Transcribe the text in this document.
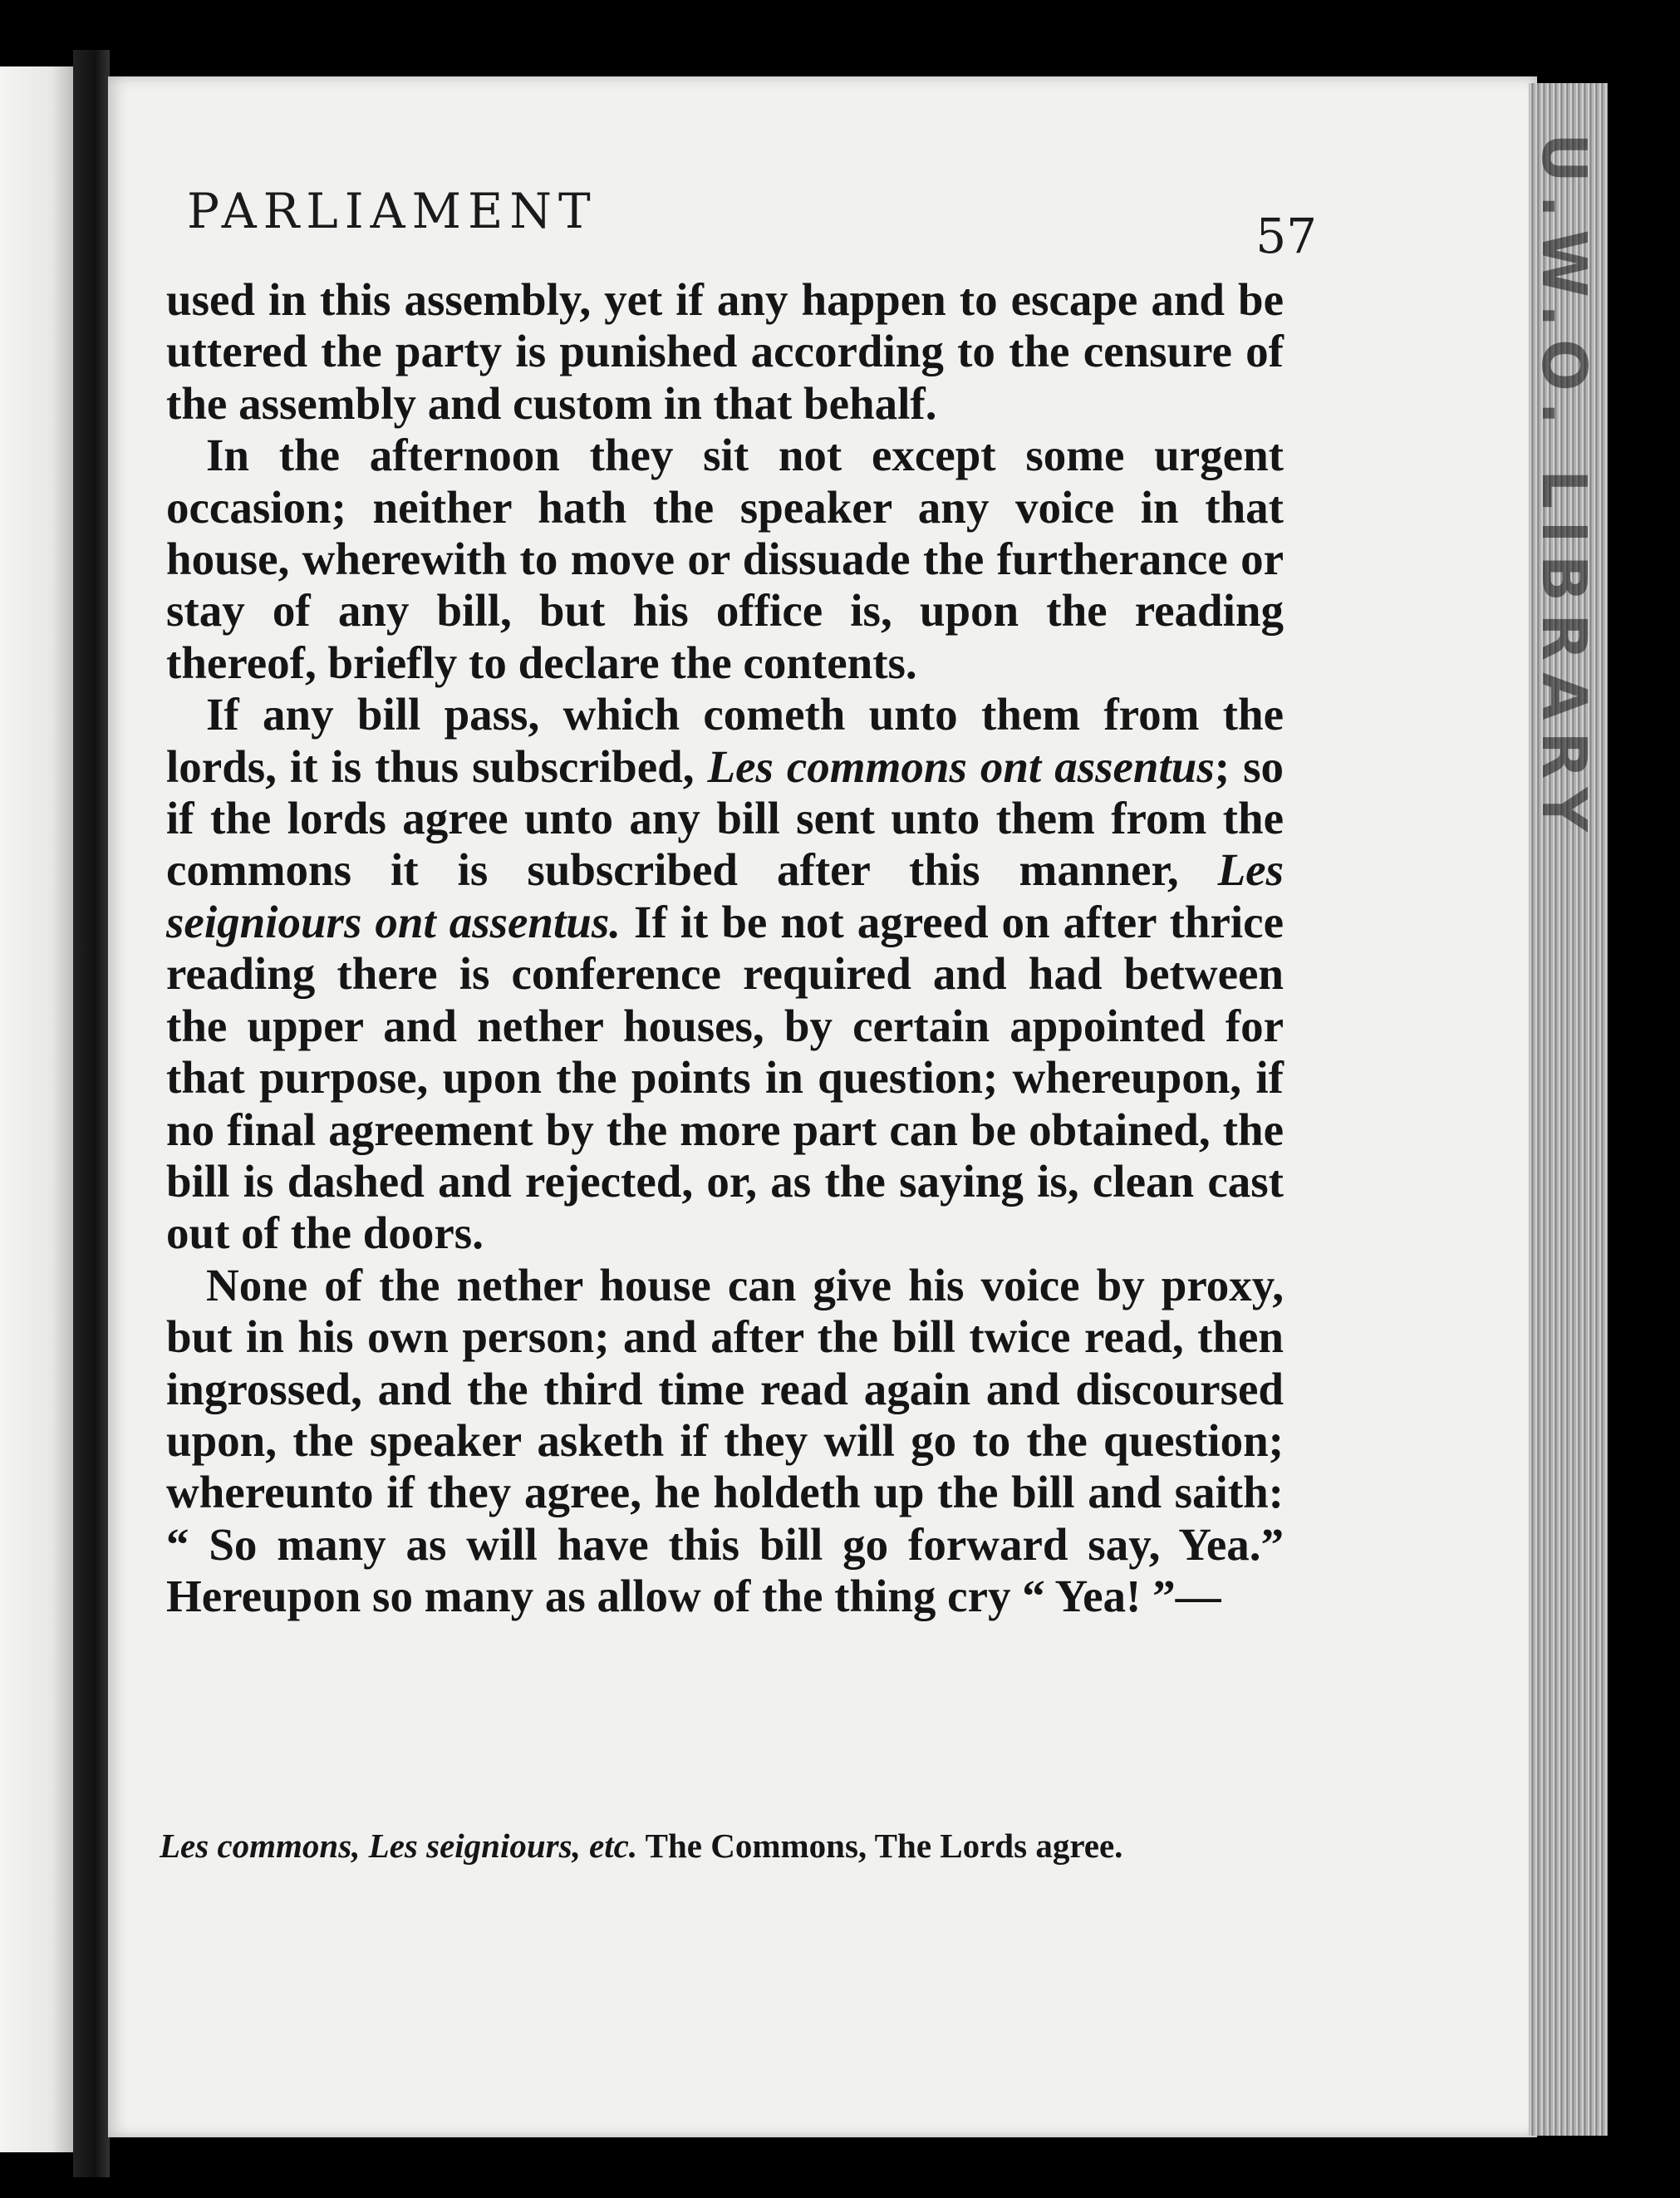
U.W.O. LIBRARY
PARLIAMENT	57

used in this assembly, yet if any happen to escape and be uttered the party is punished according to the censure of the assembly and custom in that behalf.

In the afternoon they sit not except some urgent occasion; neither hath the speaker any voice in that house, wherewith to move or dissuade the furtherance or stay of any bill, but his office is, upon the reading thereof, briefly to declare the contents.

If any bill pass, which cometh unto them from the lords, it is thus subscribed, Les commons ont assentus; so if the lords agree unto any bill sent unto them from the commons it is subscribed after this manner, Les seigniours ont assentus. If it be not agreed on after thrice reading there is conference required and had between the upper and nether houses, by certain appointed for that purpose, upon the points in question; whereupon, if no final agreement by the more part can be obtained, the bill is dashed and rejected, or, as the saying is, clean cast out of the doors.

None of the nether house can give his voice by proxy, but in his own person; and after the bill twice read, then ingrossed, and the third time read again and discoursed upon, the speaker asketh if they will go to the question; whereunto if they agree, he holdeth up the bill and saith: “ So many as will have this bill go forward say, Yea.” Hereupon so many as allow of the thing cry “ Yea! ”—

Les commons, Les seigniours, etc. The Commons, The Lords agree.
